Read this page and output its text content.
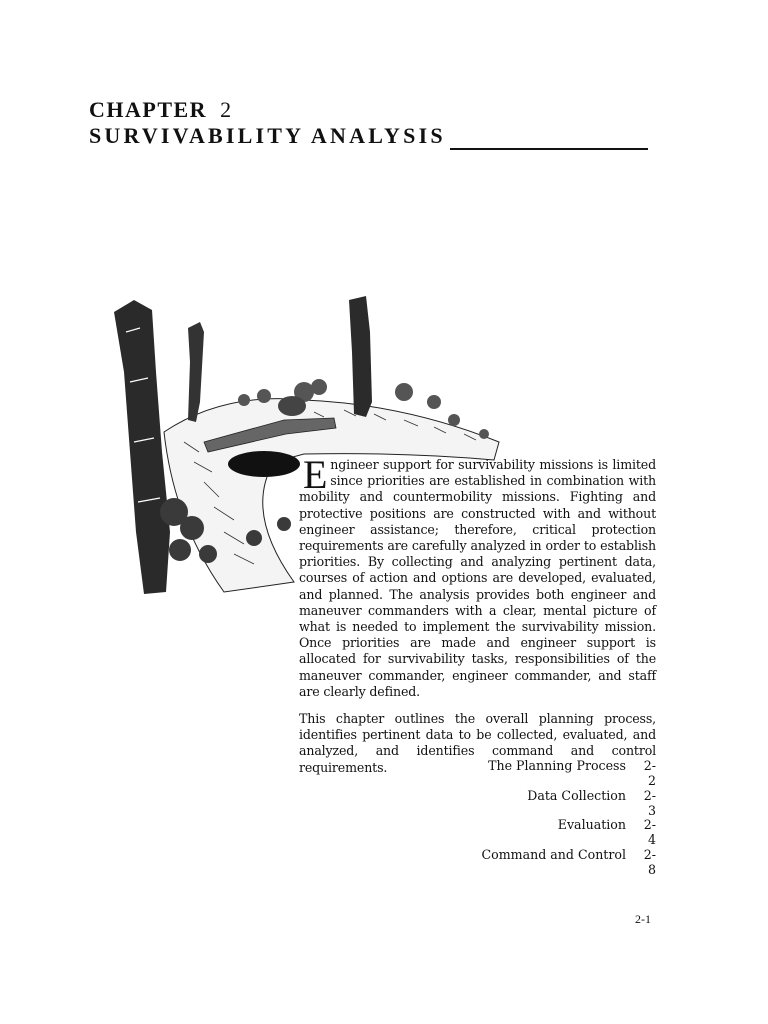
CHAPTER 2
SURVIVABILITY ANALYSIS

Engineer support for survivability missions is limited since priorities are established in combination with mobility and countermobility missions. Fighting and protective positions are constructed with and without engineer assistance; therefore, critical protection requirements are carefully analyzed in order to establish priorities. By collecting and analyzing pertinent data, courses of action and options are developed, evaluated, and planned. The analysis provides both engineer and maneuver commanders with a clear, mental picture of what is needed to implement the survivability mission. Once priorities are made and engineer support is allocated for survivability tasks, responsibilities of the maneuver commander, engineer commander, and staff are clearly defined.

This chapter outlines the overall planning process, identifies pertinent data to be collected, evaluated, and analyzed, and identifies command and control requirements.	The Planning Process	2-2
Data Collection	2-3
Evaluation	2-4
Command and Control	2-8
2-1
